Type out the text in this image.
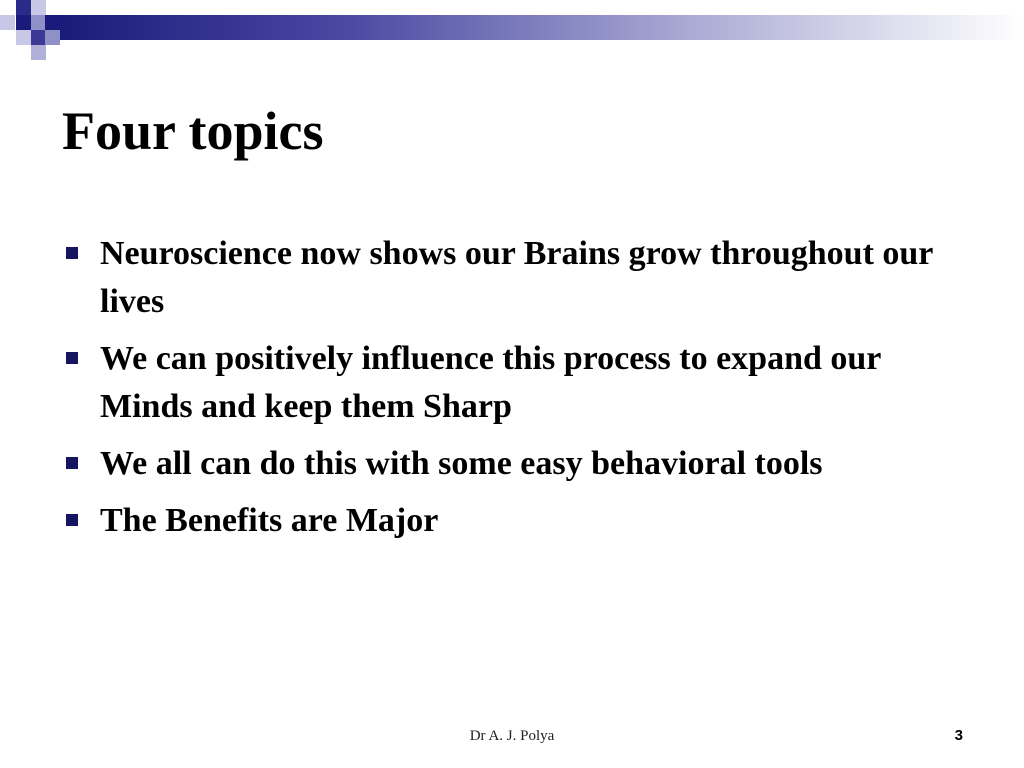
Four topics
Neuroscience now shows our Brains grow throughout our lives
We can positively influence this process to expand our Minds and keep them Sharp
We all can do this with some easy behavioral tools
The Benefits are Major
Dr A. J. Polya	3
